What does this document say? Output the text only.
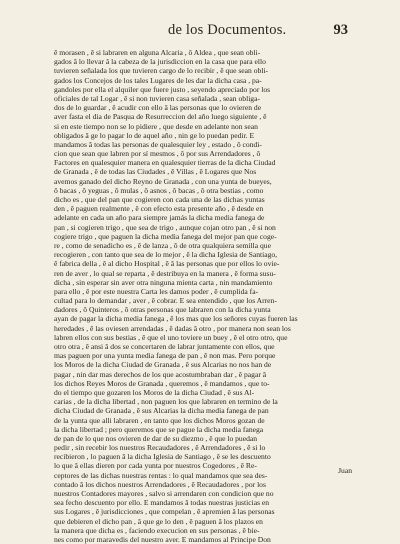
de los Documentos.	93
ê morasen , ê si labraren en alguna Alcaria , ô Aldea , que sean obli-
gados â lo llevar â la cabeza de la jurisdiccion en la casa que para ello
tuvieren señalada los que tuvieren cargo de lo recibir , ê que sean obli-
gados los Concejos de los tales Lugares de les dar la dicha casa , pa-
gandoles por ella el alquiler que fuere justo , seyendo apreciado por los
oficiales de tal Logar , ê si non tuvieren casa señalada , sean obliga-
dos de lo guardar , ê acudir con ello â las personas que lo ovieren de
aver fasta el dia de Pasqua de Resurreccion del año luego siguiente , ê
si en este tiempo non se lo pidiere , que desde en adelante non sean
obligados â ge lo pagar lo de aquel año , nin ge lo puedan pedir. E
mandamos â todas las personas de qualesquier ley , estado , ô condi-
cion que sean que labren por sí mesmos , ô por sus Arrendadores , ô
Factores en qualesquier manera en qualesquier tierras de la dicha Ciudad
de Granada , ê de todas las Ciudades , ê Villas , ê Logares que Nos
avemos ganado del dicho Reyno de Granada , con una yunta de bueyes,
ô bacas , ô yeguas , ô mulas , ô asnos , ô bacas , ô otra bestias , como
dicho es , que del pan que cogieren con cada una de las dichas yuntas
den , ê paguen realmente , ê con efecto esta presente año , ê desde en
adelante en cada un año para siempre jamás la dicha media fanega de
pan , si cogieren trigo , que sea de trigo , aunque cojan otro pan , ê si non
cogiere trigo , que paguen la dicha media fanega del mejor pan que coge-
re , como de senadicho es , ê de lanza , ô de otra qualquiera semilla que
recogieren , con tanto que sea de lo mejor , ê la dicha Iglesia de Santiago,
ê fabrica della , ê al dicho Hospital , ê â las personas que por ellos lo ovie-
ren de aver , lo qual se reparta , ê destribuya en la manera , ê forma susu-
dicha , sin esperar sin aver otra ninguna mienta carta , nin mandamiento
para ello , ê por este nuestra Carta les damos poder , ê cumplida fa-
cultad para lo demandar , aver , ê cobrar. E sea entendido , que los Arren-
dadores , ô Quinteros , ô otras personas que labraren con la dicha yunta
ayan de pagar la dicha media fanega , ê los mas que los señores cuyas fueren las
heredades , ê las oviesen arrendadas , ê dadas â otro , por manera non sean los
labren ellos con sus bestias , ê que el uno toviere un buey , ê el otro otro, que
otro otra , ê ansi â dos se concertaren de labrar juntamente con ellos, que
mas paguen por una yunta media fanega de pan , ê non mas. Pero porque
los Moros de la dicha Ciudad de Granada , ê sus Alcarias no nos han de
pagar , nin dar mas derechos de los que acostumbraban dar , ê pagar â
los dichos Reyes Moros de Granada , queremos , ê mandamos , que to-
do el tiempo que gozaren los Moros de la dicha Ciudad , ê sus Al-
carias , de la dicha libertad , non paguen los que labraren en termino de la
dicha Ciudad de Granada , ê sus Alcarias la dicha media fanega de pan
de la yunta que alli labraren , en tanto que los dichos Moros gozan de
la dicha libertad ; pero queremos que se pague la dicha media fanega
de pan de lo que nos ovieren de dar de su diezmo , ê que lo puedan
pedir , sin recebir los nuestros Recaudadores , ê Arrendadores , ê si lo
recibieron , lo paguen â la dicha Iglesia de Santiago , ê se les descuento
lo que â ellas dieren por cada yunta por nuestros Cogedores , ê Re-
ceptores de las dichas nuestras rentas : lo qual mandamos que sea des-
contado â los dichos nuestros Arrendadores , ê Recaudadores , por los
nuestros Contadores mayores , salvo si arrendaren con condicion que no
sea fecho descuento por ello. E mandamos â todas nuestras justicias en
sus Logares , ê jurisdicciones , que compelan , ê apremien â las personas
que debieren el dicho pan , â que ge lo den , ê paguen â los plazos en
la manera que dicha es , faciendo execucion en sus personas , ê bie-
nes como por maravedis del nuestro aver. E mandamos al Principe Don
Juan
